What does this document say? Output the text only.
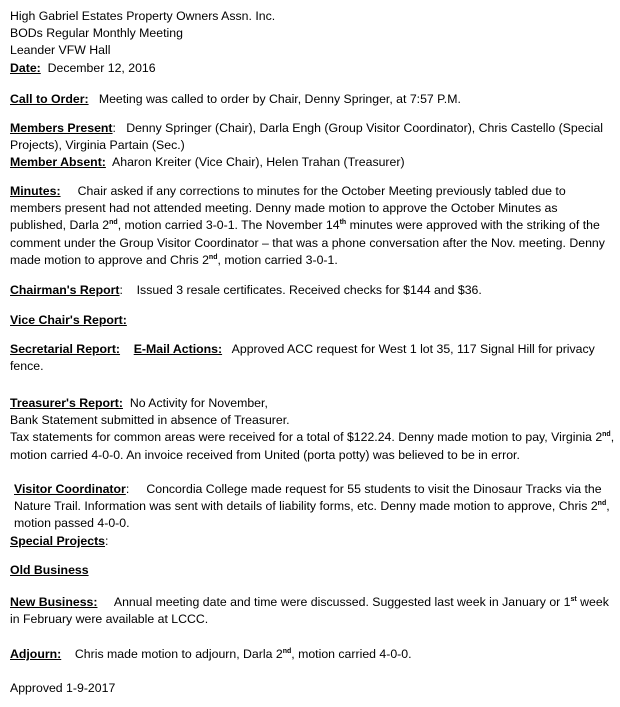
High Gabriel Estates Property Owners Assn. Inc.
BODs Regular Monthly Meeting
Leander VFW Hall
Date: December 12, 2016
Call to Order: Meeting was called to order by Chair, Denny Springer, at 7:57 P.M.
Members Present: Denny Springer (Chair), Darla Engh (Group Visitor Coordinator), Chris Castello (Special Projects), Virginia Partain (Sec.)
Member Absent: Aharon Kreiter (Vice Chair), Helen Trahan (Treasurer)
Minutes: Chair asked if any corrections to minutes for the October Meeting previously tabled due to members present had not attended meeting. Denny made motion to approve the October Minutes as published, Darla 2nd, motion carried 3-0-1. The November 14th minutes were approved with the striking of the comment under the Group Visitor Coordinator – that was a phone conversation after the Nov. meeting. Denny made motion to approve and Chris 2nd, motion carried 3-0-1.
Chairman's Report: Issued 3 resale certificates. Received checks for $144 and $36.
Vice Chair's Report:
Secretarial Report: E-Mail Actions: Approved ACC request for West 1 lot 35, 117 Signal Hill for privacy fence.
Treasurer's Report: No Activity for November,
Bank Statement submitted in absence of Treasurer.
Tax statements for common areas were received for a total of $122.24. Denny made motion to pay, Virginia 2nd, motion carried 4-0-0. An invoice received from United (porta potty) was believed to be in error.
Visitor Coordinator: Concordia College made request for 55 students to visit the Dinosaur Tracks via the Nature Trail. Information was sent with details of liability forms, etc. Denny made motion to approve, Chris 2nd, motion passed 4-0-0.
Special Projects:
Old Business
New Business: Annual meeting date and time were discussed. Suggested last week in January or 1st week in February were available at LCCC.
Adjourn: Chris made motion to adjourn, Darla 2nd, motion carried 4-0-0.
Approved 1-9-2017
